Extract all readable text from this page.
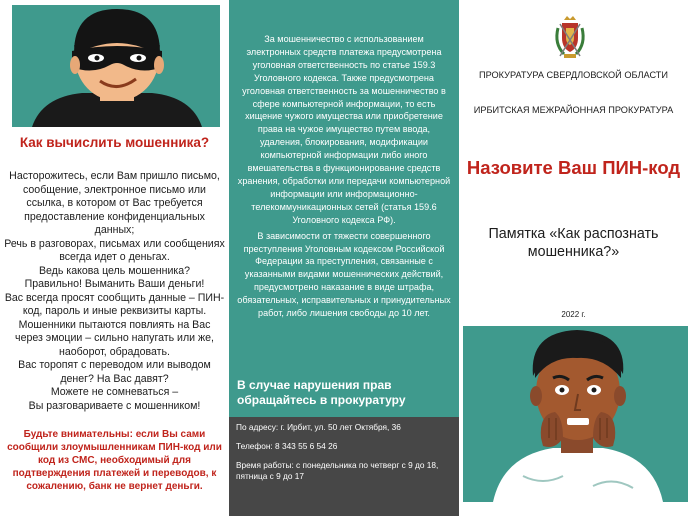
Как вычислить мошенника?

Насторожитесь, если Вам пришло письмо, сообщение, электронное письмо или ссылка, в котором от Вас требуется предоставление конфиденциальных данных;

Речь в разговорах, письмах или сообщениях всегда идет о деньгах.

Ведь какова цель мошенника?

Правильно! Выманить Ваши деньги!

Вас всегда просят сообщить данные – ПИН-код, пароль и иные реквизиты карты.

Мошенники пытаются повлиять на Вас через эмоции – сильно напугать или же, наоборот, обрадовать.

Вас торопят с переводом или выводом денег? На Вас давят?

Можете не сомневаться –

Вы разговариваете с мошенником!

Будьте внимательны: если Вы сами сообщили злоумышленникам ПИН-код или код из СМС, необходимый для подтверждения платежей и переводов, к сожалению, банк не вернет деньги.

За мошенничество с использованием электронных средств платежа предусмотрена уголовная ответственность по статье 159.3 Уголовного кодекса. Также предусмотрена уголовная ответственность за мошенничество в сфере компьютерной информации, то есть хищение чужого имущества или приобретение права на чужое имущество путем ввода, удаления, блокирования, модификации компьютерной информации либо иного вмешательства в функционирование средств хранения, обработки или передачи компьютерной информации или информационно-телекоммуникационных сетей (статья 159.6 Уголовного кодекса РФ).

В зависимости от тяжести совершенного преступления Уголовным кодексом Российской Федерации за преступления, связанные с указанными видами мошеннических действий, предусмотрено наказание в виде штрафа, обязательных, исправительных и принудительных работ, либо лишения свободы до 10 лет.

В случае нарушения прав обращайтесь в прокуратуру

По адресу: г. Ирбит, ул. 50 лет Октября, 36

Телефон: 8 343 55 6 54 26

Время работы: с понедельника по четверг с 9 до 18, пятница с 9 до 17

ПРОКУРАТУРА СВЕРДЛОВСКОЙ ОБЛАСТИ
ИРБИТСКАЯ МЕЖРАЙОННАЯ ПРОКУРАТУРА
Назовите Ваш ПИН-код
Памятка «Как распознать мошенника?»
2022 г.
